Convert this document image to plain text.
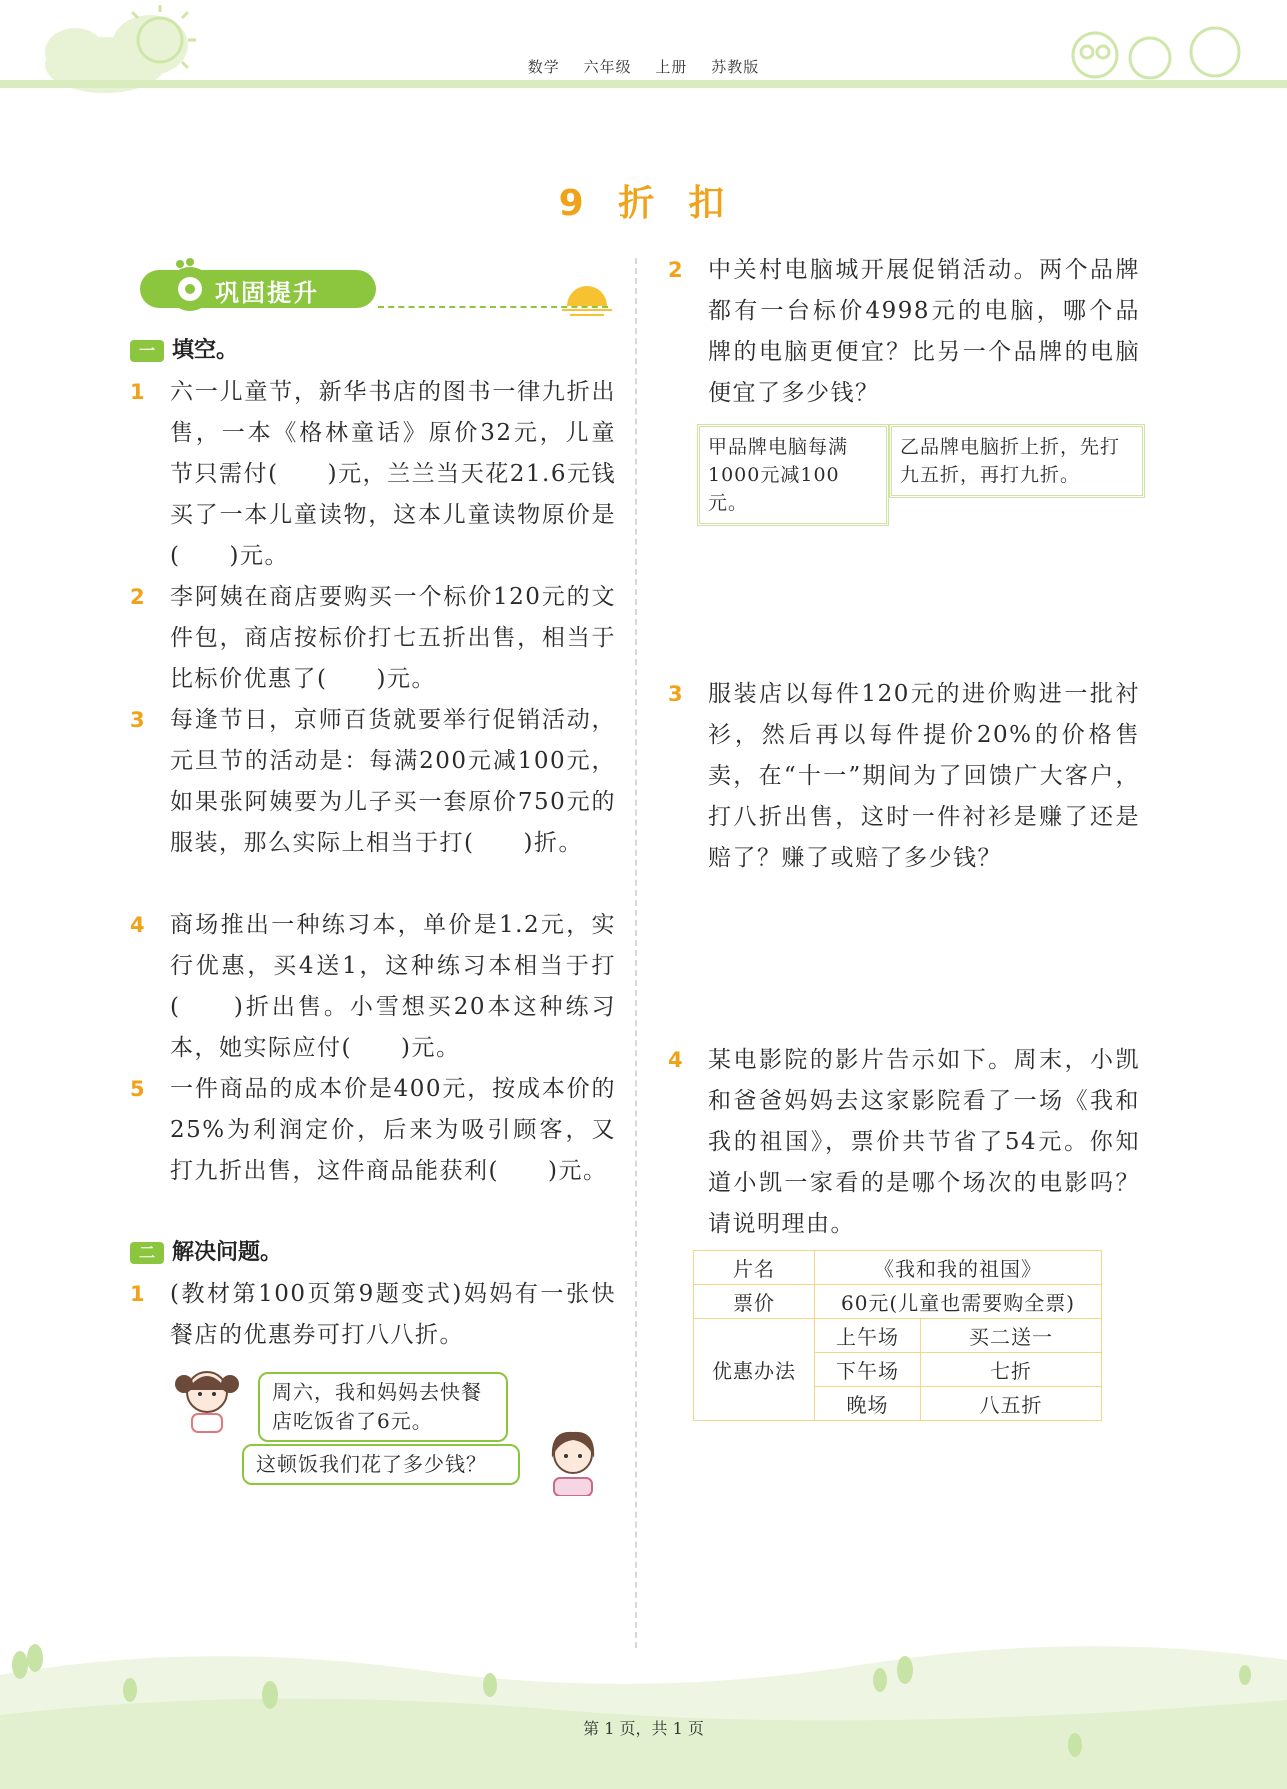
数学 六年级 上册 苏教版
9 折 扣
巩固提升
一 填空。
1 六一儿童节，新华书店的图书一律九折出售，一本《格林童话》原价32元，儿童节只需付(　　)元，兰兰当天花21.6元钱买了一本儿童读物，这本儿童读物原价是(　　)元。
2 李阿姨在商店要购买一个标价120元的文件包，商店按标价打七五折出售，相当于比标价优惠了(　　)元。
3 每逢节日，京师百货就要举行促销活动，元旦节的活动是：每满200元减100元，如果张阿姨要为儿子买一套原价750元的服装，那么实际上相当于打(　　)折。
4 商场推出一种练习本，单价是1.2元，实行优惠，买4送1，这种练习本相当于打(　　)折出售。小雪想买20本这种练习本，她实际应付(　　)元。
5 一件商品的成本价是400元，按成本价的25%为利润定价，后来为吸引顾客，又打九折出售，这件商品能获利(　　)元。
二 解决问题。
1 (教材第100页第9题变式)妈妈有一张快餐店的优惠券可打八八折。
周六，我和妈妈去快餐店吃饭省了6元。
这顿饭我们花了多少钱？
2 中关村电脑城开展促销活动。两个品牌都有一台标价4998元的电脑，哪个品牌的电脑更便宜？比另一个品牌的电脑便宜了多少钱？
甲品牌电脑每满1000元减100元。
乙品牌电脑折上折，先打九五折，再打九折。
3 服装店以每件120元的进价购进一批衬衫，然后再以每件提价20%的价格售卖，在“十一”期间为了回馈广大客户，打八折出售，这时一件衬衫是赚了还是赔了？赚了或赔了多少钱？
4 某电影院的影片告示如下。周末，小凯和爸爸妈妈去这家影院看了一场《我和我的祖国》，票价共节省了54元。你知道小凯一家看的是哪个场次的电影吗？请说明理由。
片名	《我和我的祖国》	
票价	60元(儿童也需要购全票)	
优惠办法	上午场	买二送一
	下午场	七折
	晚场	八五折
第 1 页，共 1 页
